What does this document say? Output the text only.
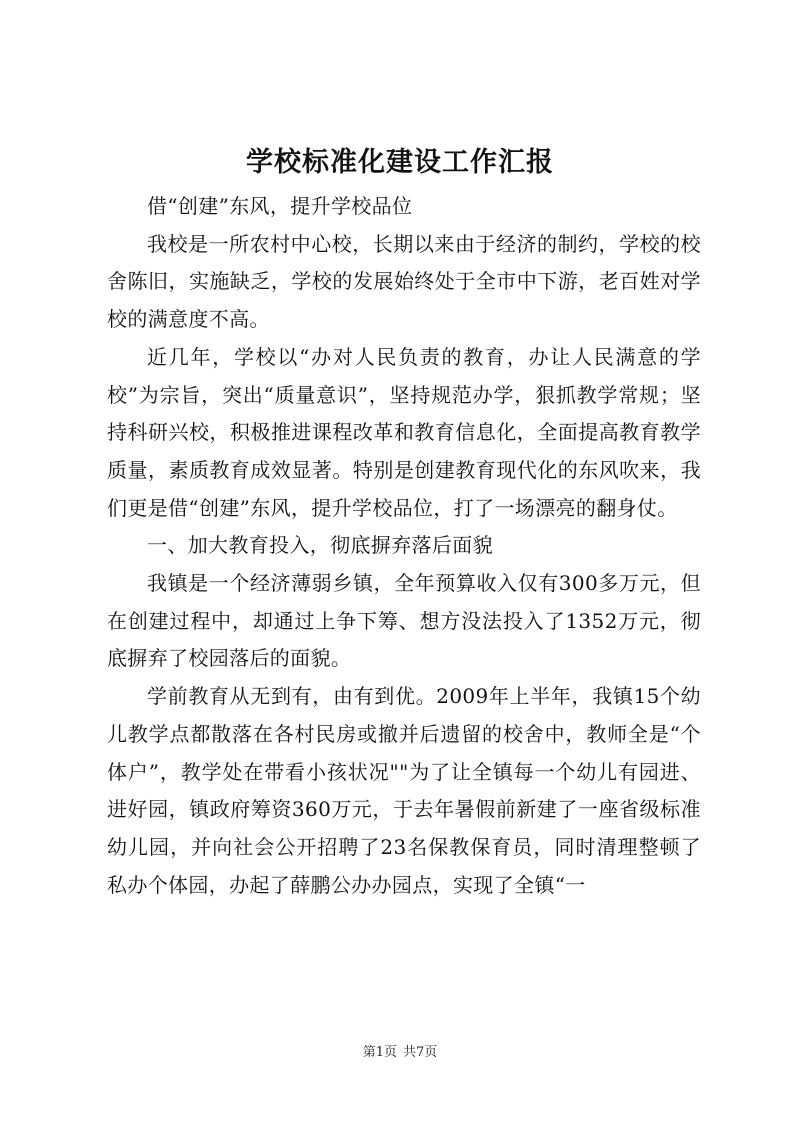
学校标准化建设工作汇报

借“创建”东风，提升学校品位

我校是一所农村中心校，长期以来由于经济的制约，学校的校舍陈旧，实施缺乏，学校的发展始终处于全市中下游，老百姓对学校的满意度不高。

近几年，学校以“办对人民负责的教育，办让人民满意的学校”为宗旨，突出“质量意识”，坚持规范办学，狠抓教学常规；坚持科研兴校，积极推进课程改革和教育信息化，全面提高教育教学质量，素质教育成效显著。特别是创建教育现代化的东风吹来，我们更是借“创建”东风，提升学校品位，打了一场漂亮的翻身仗。

一、加大教育投入，彻底摒弃落后面貌

我镇是一个经济薄弱乡镇，全年预算收入仅有300多万元，但在创建过程中，却通过上争下筹、想方没法投入了1352万元，彻底摒弃了校园落后的面貌。

学前教育从无到有，由有到优。2009年上半年，我镇15个幼儿教学点都散落在各村民房或撤并后遗留的校舍中，教师全是“个体户”，教学处在带看小孩状况""为了让全镇每一个幼儿有园进、进好园，镇政府筹资360万元，于去年暑假前新建了一座省级标准幼儿园，并向社会公开招聘了23名保教保育员，同时清理整顿了私办个体园，办起了薛鹏公办办园点，实现了全镇“一

第1页 共7页
